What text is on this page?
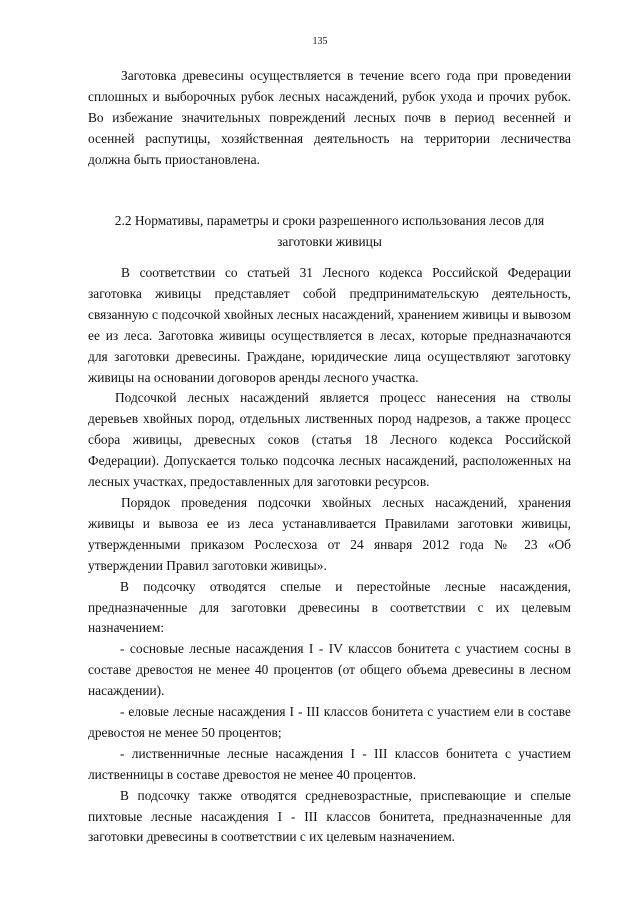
135

Заготовка древесины осуществляется в течение всего года при проведении сплошных и выборочных рубок лесных насаждений, рубок ухода и прочих рубок. Во избежание значительных повреждений лесных почв в период весенней и осенней распутицы, хозяйственная деятельность на территории лесничества должна быть приостановлена.

2.2 Нормативы, параметры и сроки разрешенного использования лесов для
заготовки живицы

В соответствии со статьей 31 Лесного кодекса Российской Федерации заготовка живицы представляет собой предпринимательскую деятельность, связанную с подсочкой хвойных лесных насаждений, хранением живицы и вывозом ее из леса. Заготовка живицы осуществляется в лесах, которые предназначаются для заготовки древесины. Граждане, юридические лица осуществляют заготовку живицы на основании договоров аренды лесного участка.

Подсочкой лесных насаждений является процесс нанесения на стволы деревьев хвойных пород, отдельных лиственных пород надрезов, а также процесс сбора живицы, древесных соков (статья 18 Лесного кодекса Российской Федерации). Допускается только подсочка лесных насаждений, расположенных на лесных участках, предоставленных для заготовки ресурсов.

Порядок проведения подсочки хвойных лесных насаждений, хранения живицы и вывоза ее из леса устанавливается Правилами заготовки живицы, утвержденными приказом Рослесхоза от 24 января 2012 года № 23 «Об утверждении Правил заготовки живицы».

В подсочку отводятся спелые и перестойные лесные насаждения, предназначенные для заготовки древесины в соответствии с их целевым назначением:

- сосновые лесные насаждения I - IV классов бонитета с участием сосны в составе древостоя не менее 40 процентов (от общего объема древесины в лесном насаждении).

- еловые лесные насаждения I - III классов бонитета с участием ели в составе древостоя не менее 50 процентов;

- лиственничные лесные насаждения I - III классов бонитета с участием лиственницы в составе древостоя не менее 40 процентов.

В подсочку также отводятся средневозрастные, приспевающие и спелые пихтовые лесные насаждения I - III классов бонитета, предназначенные для заготовки древесины в соответствии с их целевым назначением.
